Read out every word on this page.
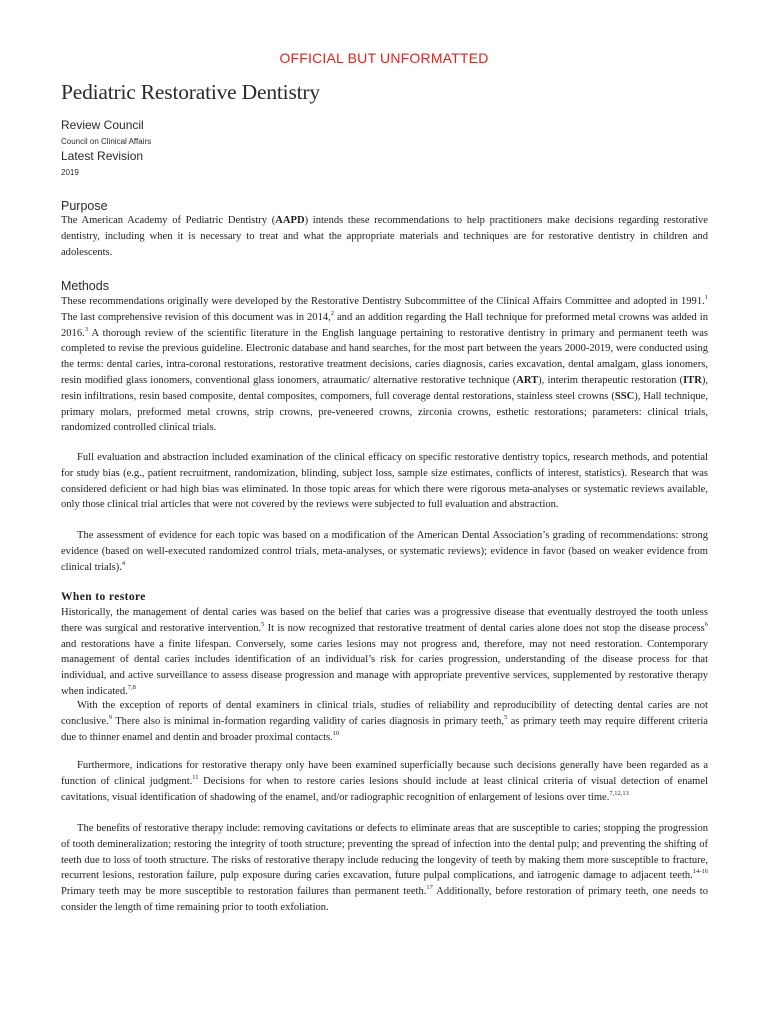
OFFICIAL BUT UNFORMATTED
Pediatric Restorative Dentistry
Review Council
Council on Clinical Affairs
Latest Revision
2019
Purpose

The American Academy of Pediatric Dentistry (AAPD) intends these recommendations to help practitioners make decisions regarding restorative dentistry, including when it is necessary to treat and what the appropriate materials and techniques are for restorative dentistry in children and adolescents.

Methods

These recommendations originally were developed by the Restorative Dentistry Subcommittee of the Clinical Affairs Committee and adopted in 1991.$^1$ The last comprehensive revision of this document was in 2014,$^2$ and an addition regarding the Hall technique for preformed metal crowns was added in 2016.$^3$ A thorough review of the scientific literature in the English language pertaining to restorative dentistry in primary and permanent teeth was completed to revise the previous guideline. Electronic database and hand searches, for the most part between the years 2000-2019, were conducted using the terms: dental caries, intra-coronal restorations, restorative treatment decisions, caries diagnosis, caries excavation, dental amalgam, glass ionomers, resin modified glass ionomers, conventional glass ionomers, atraumatic/ alternative restorative technique (ART), interim therapeutic restoration (ITR), resin infiltrations, resin based composite, dental composites, compomers, full coverage dental restorations, stainless steel crowns (SSC), Hall technique, primary molars, preformed metal crowns, strip crowns, pre-veneered crowns, zirconia crowns, esthetic restorations; parameters: clinical trials, randomized controlled clinical trials.

Full evaluation and abstraction included examination of the clinical efficacy on specific restorative dentistry topics, research methods, and potential for study bias (e.g., patient recruitment, randomization, blinding, subject loss, sample size estimates, conflicts of interest, statistics). Research that was considered deficient or had high bias was eliminated. In those topic areas for which there were rigorous meta-analyses or systematic reviews available, only those clinical trial articles that were not covered by the reviews were subjected to full evaluation and abstraction.

The assessment of evidence for each topic was based on a modification of the American Dental Association’s grading of recommendations: strong evidence (based on well-executed randomized control trials, meta-analyses, or systematic reviews); evidence in favor (based on weaker evidence from clinical trials).$^4$

When to restore

Historically, the management of dental caries was based on the belief that caries was a progressive disease that eventually destroyed the tooth unless there was surgical and restorative intervention.$^5$ It is now recognized that restorative treatment of dental caries alone does not stop the disease process$^6$ and restorations have a finite lifespan. Conversely, some caries lesions may not progress and, therefore, may not need restoration. Contemporary management of dental caries includes identification of an individual’s risk for caries progression, understanding of the disease process for that individual, and active surveillance to assess disease progression and manage with appropriate preventive services, supplemented by restorative therapy when indicated.$^{7,8}$

With the exception of reports of dental examiners in clinical trials, studies of reliability and reproducibility of detecting dental caries are not conclusive.$^9$ There also is minimal in-formation regarding validity of caries diagnosis in primary teeth,$^5$ as primary teeth may require different criteria due to thinner enamel and dentin and broader proximal contacts.$^{10}$

Furthermore, indications for restorative therapy only have been examined superficially because such decisions generally have been regarded as a function of clinical judgment.$^{11}$ Decisions for when to restore caries lesions should include at least clinical criteria of visual detection of enamel cavitations, visual identification of shadowing of the enamel, and/or radiographic recognition of enlargement of lesions over time.$^{7,12,13}$

The benefits of restorative therapy include: removing cavitations or defects to eliminate areas that are susceptible to caries; stopping the progression of tooth demineralization; restoring the integrity of tooth structure; preventing the spread of infection into the dental pulp; and preventing the shifting of teeth due to loss of tooth structure. The risks of restorative therapy include reducing the longevity of teeth by making them more susceptible to fracture, recurrent lesions, restoration failure, pulp exposure during caries excavation, future pulpal complications, and iatrogenic damage to adjacent teeth.$^{14-16}$ Primary teeth may be more susceptible to restoration failures than permanent teeth.$^{17}$ Additionally, before restoration of primary teeth, one needs to consider the length of time remaining prior to tooth exfoliation.
